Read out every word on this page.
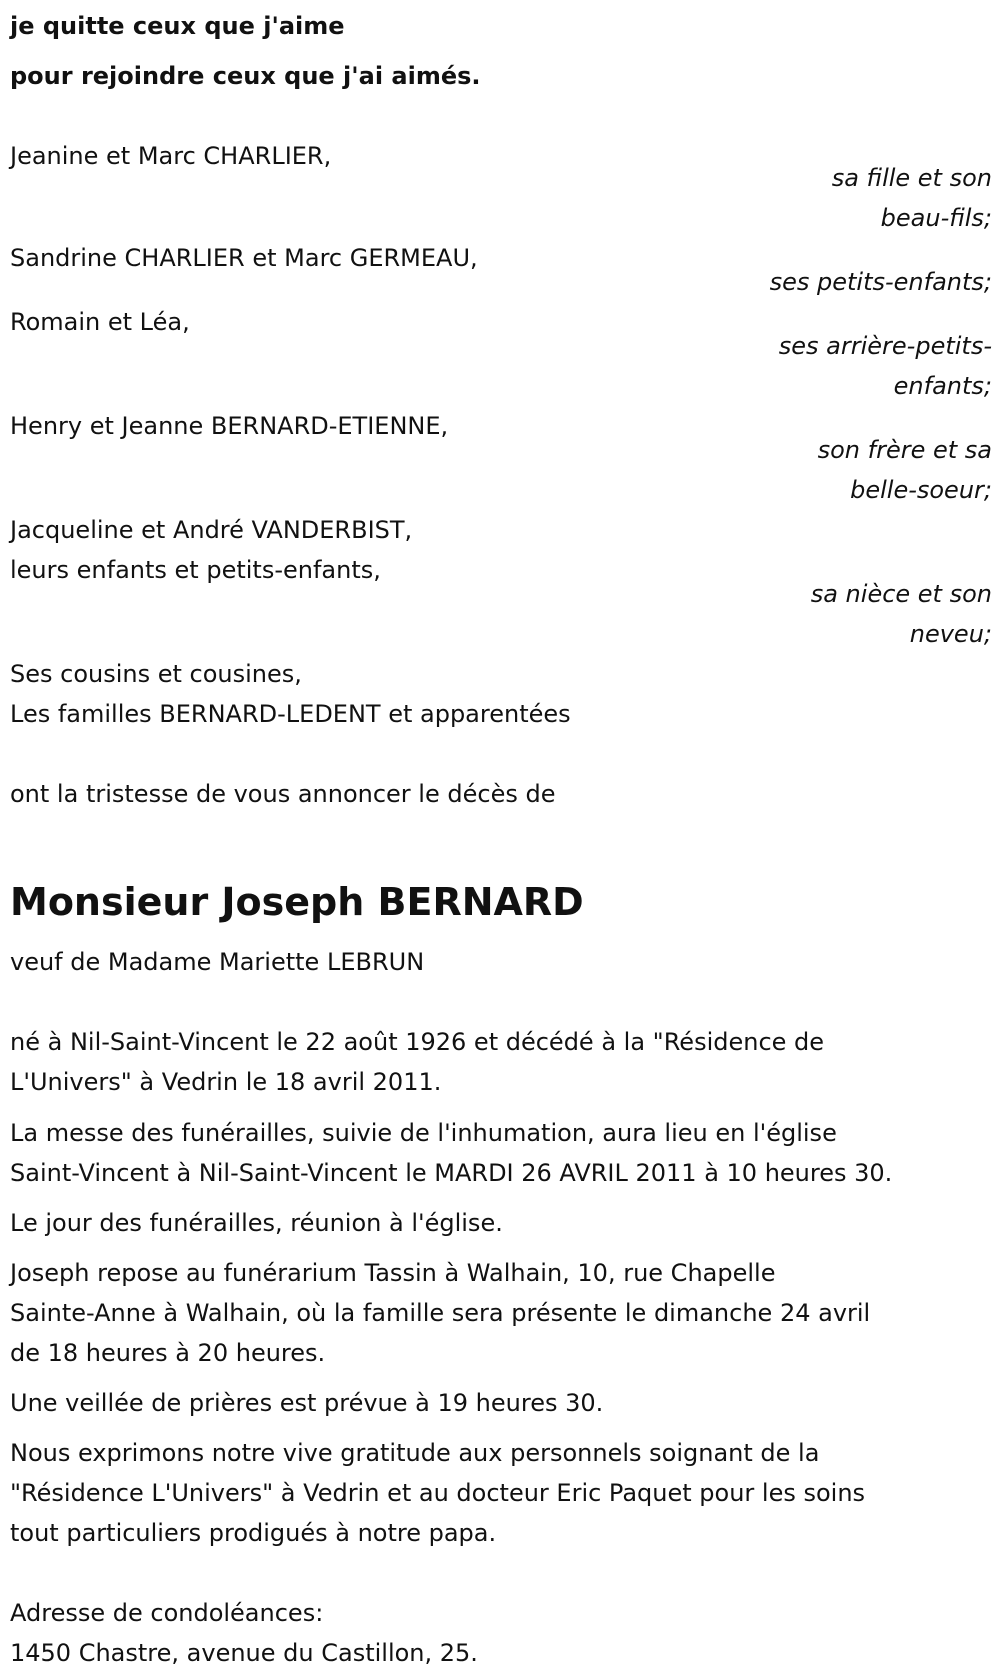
je quitte ceux que j'aime

pour rejoindre ceux que j'ai aimés.

Jeanine et Marc CHARLIER,
sa fille et son
beau-fils;
Sandrine CHARLIER et Marc GERMEAU,
ses petits-enfants;
Romain et Léa,
ses arrière-petits-
enfants;
Henry et Jeanne BERNARD-ETIENNE,
son frère et sa
belle-soeur;
Jacqueline et André VANDERBIST,
leurs enfants et petits-enfants,
sa nièce et son
neveu;

Ses cousins et cousines,

Les familles BERNARD-LEDENT et apparentées

ont la tristesse de vous annoncer le décès de

Monsieur Joseph BERNARD

veuf de Madame Mariette LEBRUN

né à Nil-Saint-Vincent le 22 août 1926 et décédé à la "Résidence de

L'Univers" à Vedrin le 18 avril 2011.

La messe des funérailles, suivie de l'inhumation, aura lieu en l'église

Saint-Vincent à Nil-Saint-Vincent le MARDI 26 AVRIL 2011 à 10 heures 30.

Le jour des funérailles, réunion à l'église.

Joseph repose au funérarium Tassin à Walhain, 10, rue Chapelle

Sainte-Anne à Walhain, où la famille sera présente le dimanche 24 avril

de 18 heures à 20 heures.

Une veillée de prières est prévue à 19 heures 30.

Nous exprimons notre vive gratitude aux personnels soignant de la

"Résidence L'Univers" à Vedrin et au docteur Eric Paquet pour les soins

tout particuliers prodigués à notre papa.

Adresse de condoléances:

1450 Chastre, avenue du Castillon, 25.
